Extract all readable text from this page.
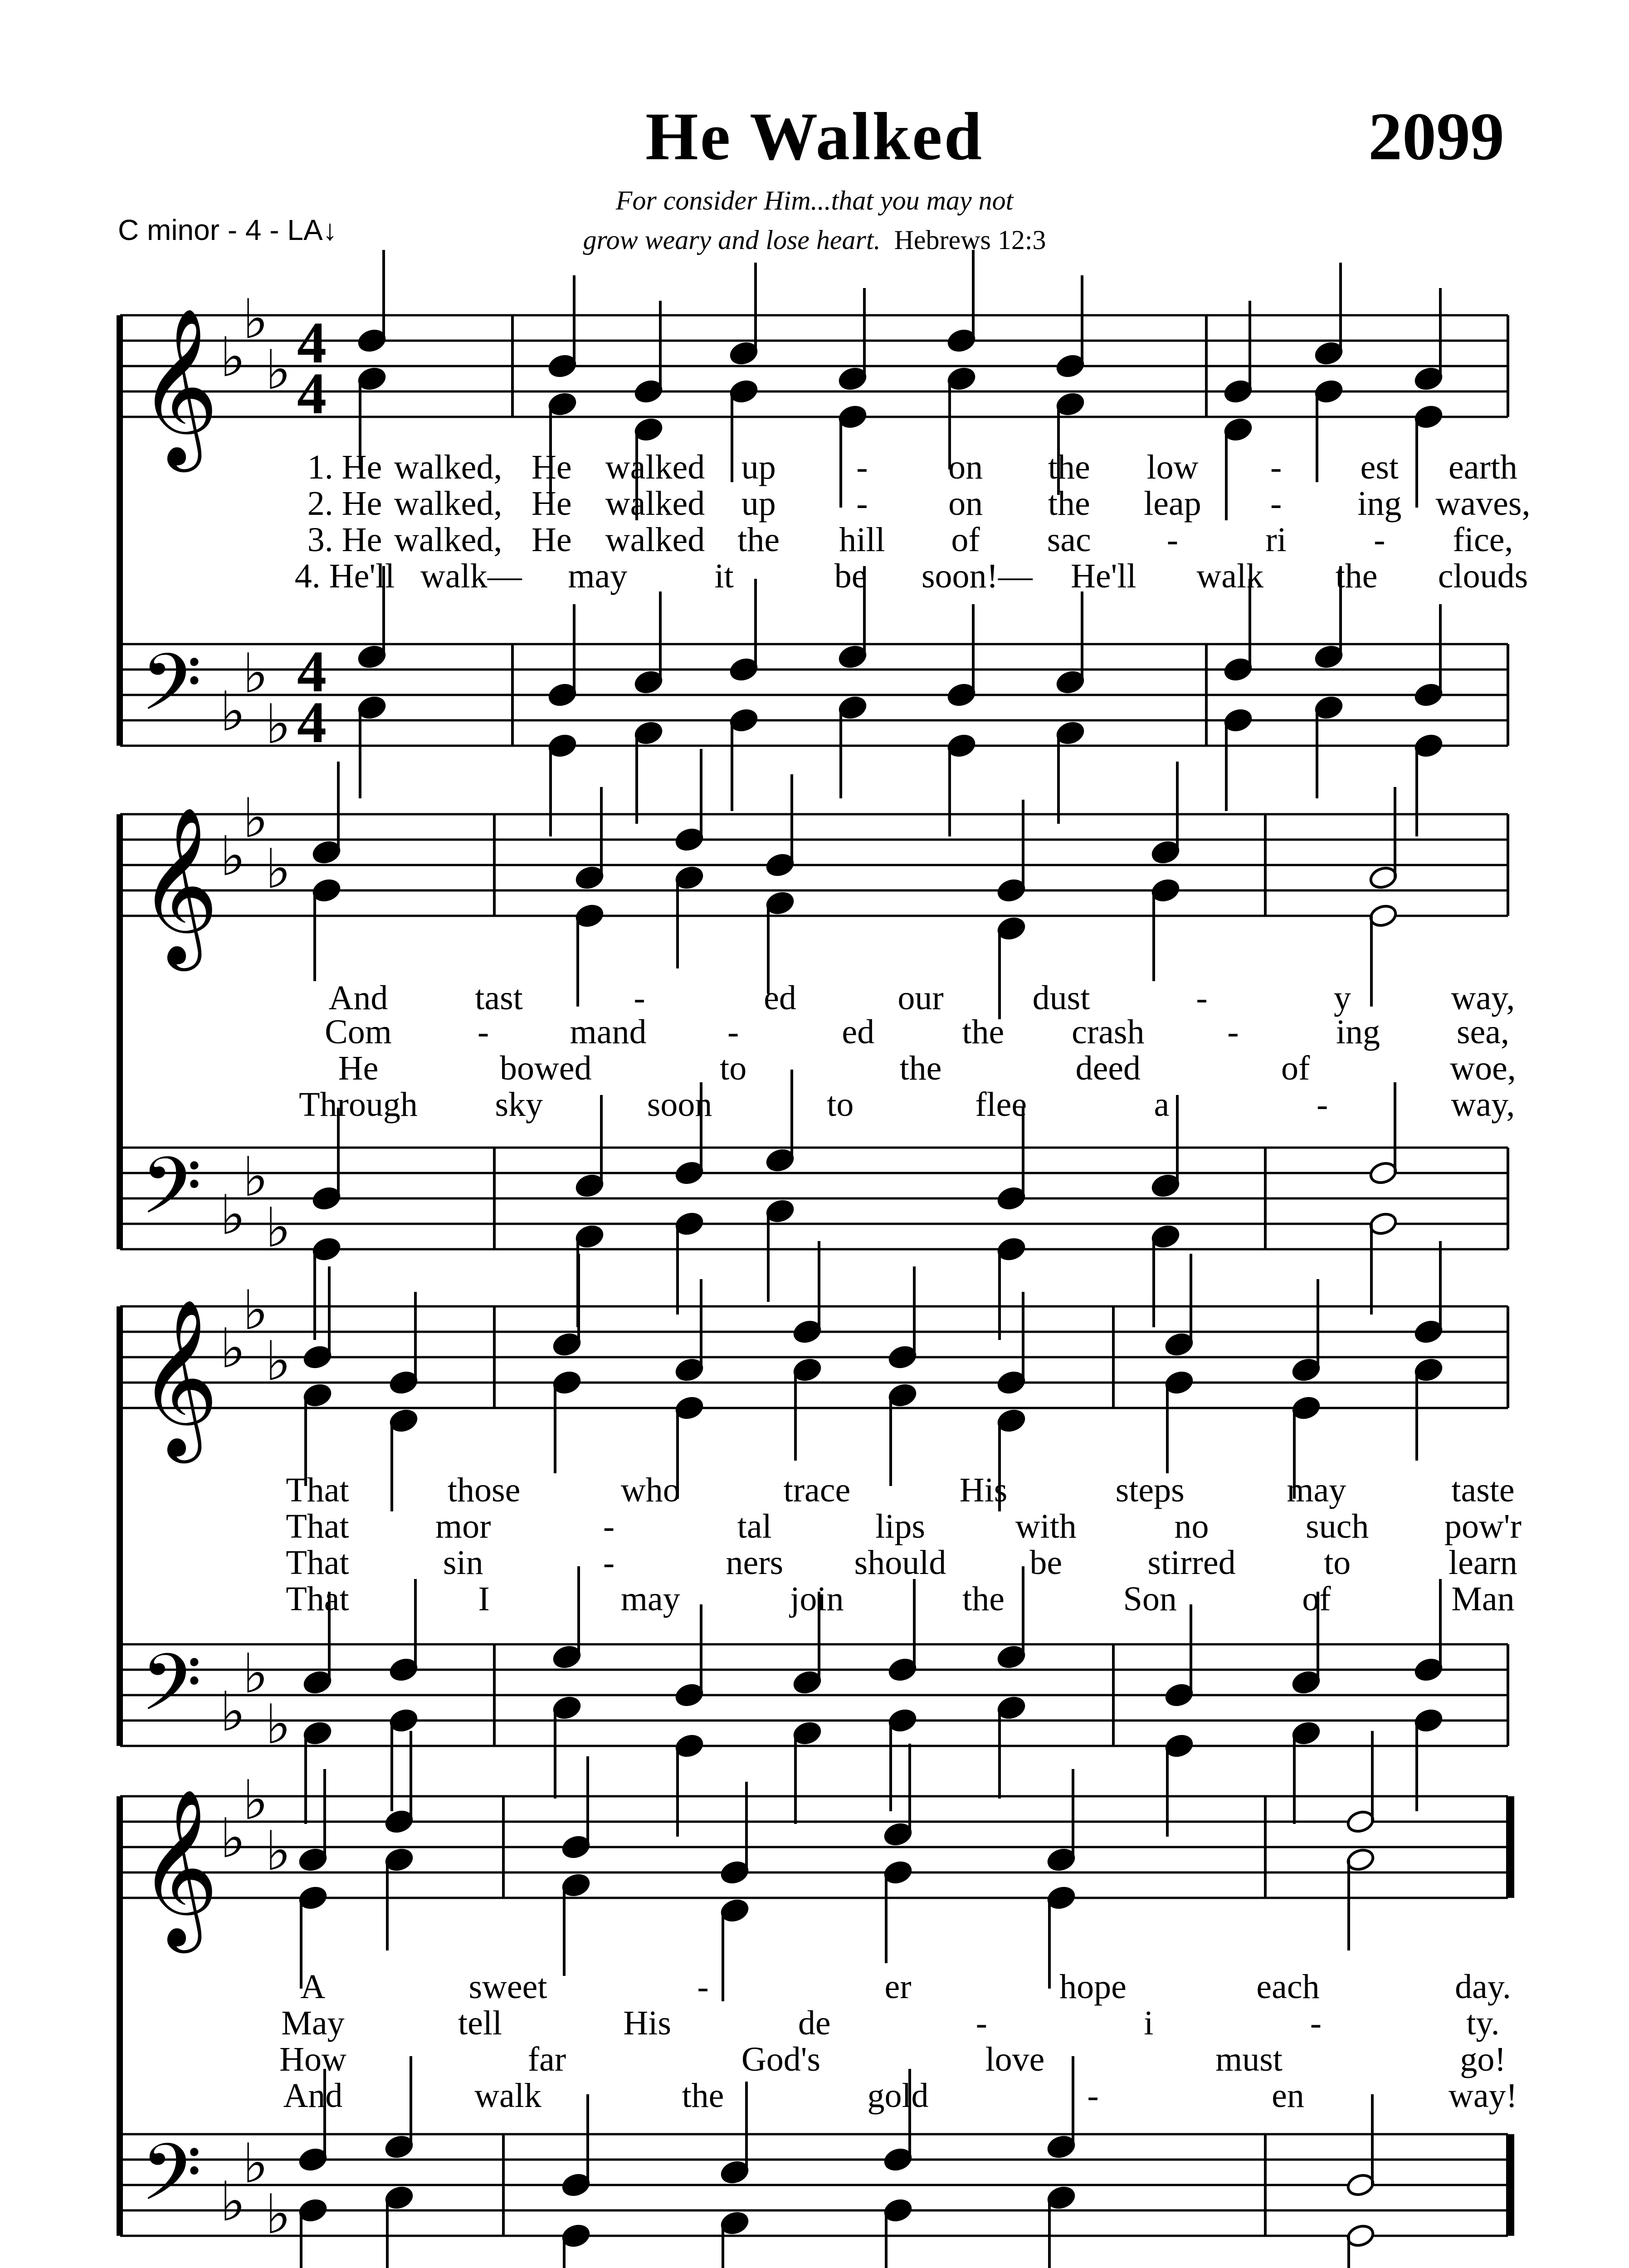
He Walked	2099
C minor - 4 - LA↓
For consider Him...that you may not
grow weary and lose heart. Hebrews 12:3
𝄞 ♭
♭
♭ 4
4
𝄢 ♭
♭
♭
4
4
𝄞 ♭
♭
♭
𝄢 ♭
♭
♭
𝄞 ♭
♭
♭
𝄢 ♭
♭
♭
𝄞 ♭
♭
♭
𝄢 ♭
♭
♭
1. He walked, He walked up - on the low - est earth
2. He walked, He walked up - on the leap - ing waves,
3. He walked, He walked the hill of sac -	ri	- fice,
4. He'll walk— may	it	be soon!— He'll walk the clouds
And	tast	-	ed	our	dust	-	y	way,
Com - mand -	ed	the crash -	ing sea,
He	bowed	to	the	deed	of	woe,
Through sky	soon	to	flee	a	-	way,
That	those	who	trace	His	steps	may	taste
That	mor	-	tal	lips	with	no	such pow'r
That	sin	-	ners should be stirred	to	learn
That	I	may	join	the	Son	of	Man
A	sweet	-	er	hope	each	day.
May	tell	His	de	-	i	-	ty.
How	far	God's	love	must	go!
And	walk	the	gold	-	en	way!
